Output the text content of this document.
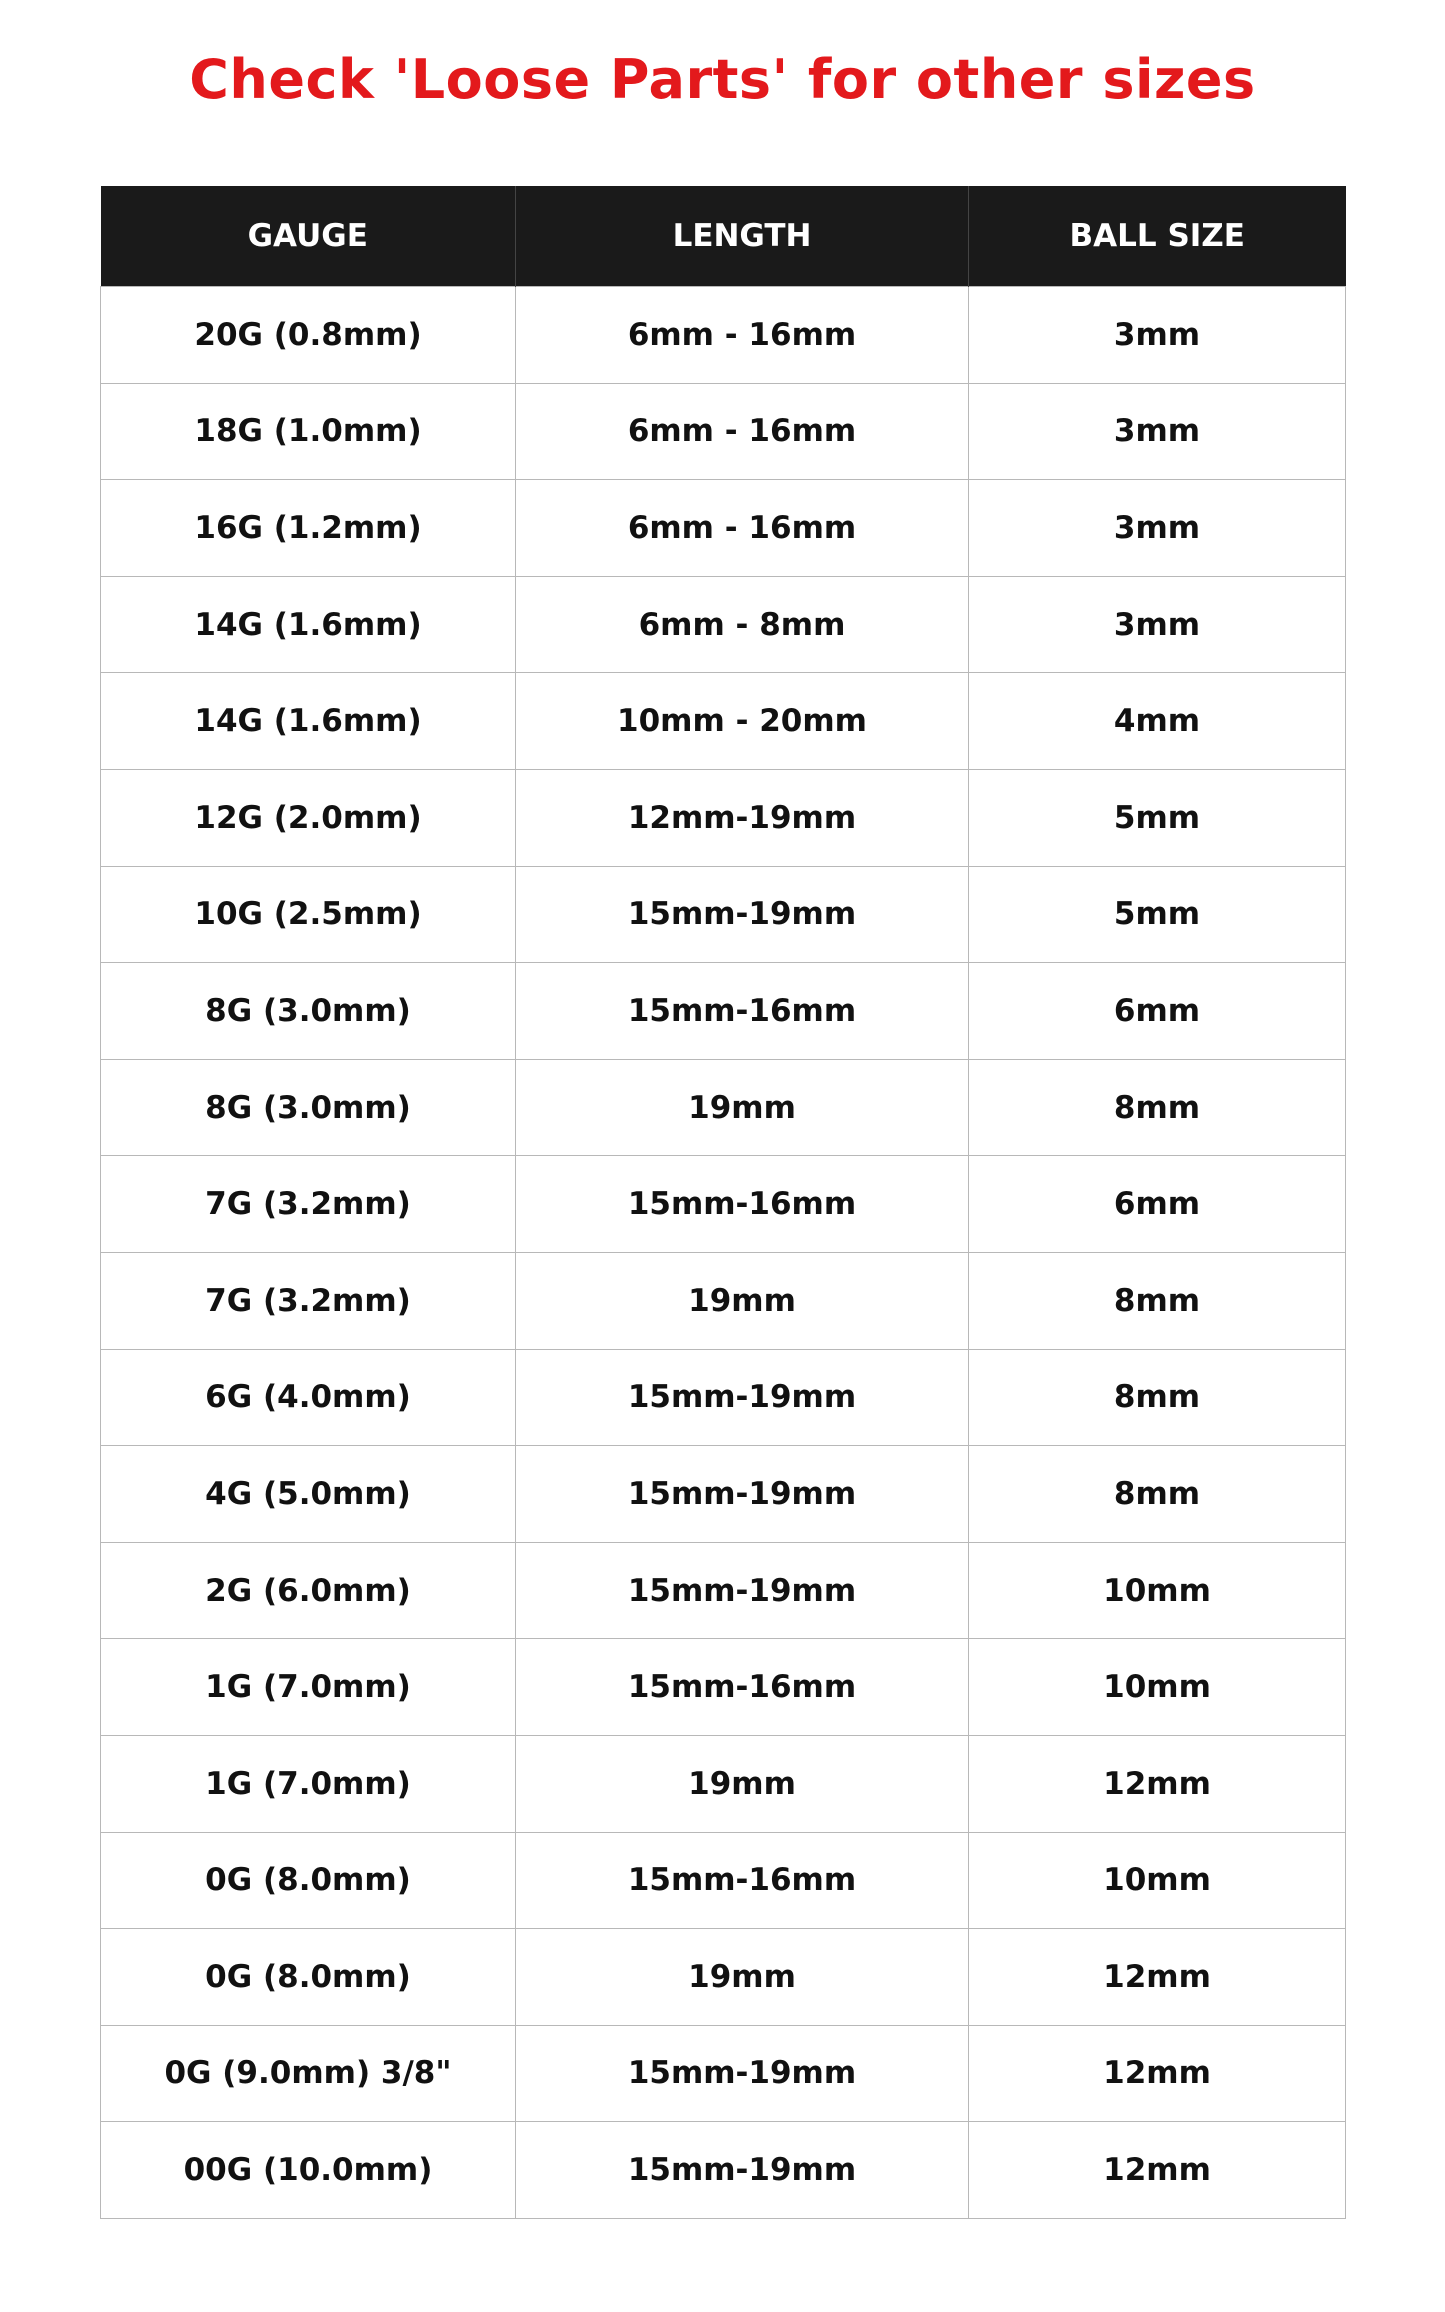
Check 'Loose Parts' for other sizes
GAUGE	LENGTH	BALL SIZE
20G (0.8mm)	6mm - 16mm	3mm
18G (1.0mm)	6mm - 16mm	3mm
16G (1.2mm)	6mm - 16mm	3mm
14G (1.6mm)	6mm - 8mm	3mm
14G (1.6mm)	10mm - 20mm	4mm
12G (2.0mm)	12mm-19mm	5mm
10G (2.5mm)	15mm-19mm	5mm
8G (3.0mm)	15mm-16mm	6mm
8G (3.0mm)	19mm	8mm
7G (3.2mm)	15mm-16mm	6mm
7G (3.2mm)	19mm	8mm
6G (4.0mm)	15mm-19mm	8mm
4G (5.0mm)	15mm-19mm	8mm
2G (6.0mm)	15mm-19mm	10mm
1G (7.0mm)	15mm-16mm	10mm
1G (7.0mm)	19mm	12mm
0G (8.0mm)	15mm-16mm	10mm
0G (8.0mm)	19mm	12mm
0G (9.0mm) 3/8"	15mm-19mm	12mm
00G (10.0mm)	15mm-19mm	12mm
